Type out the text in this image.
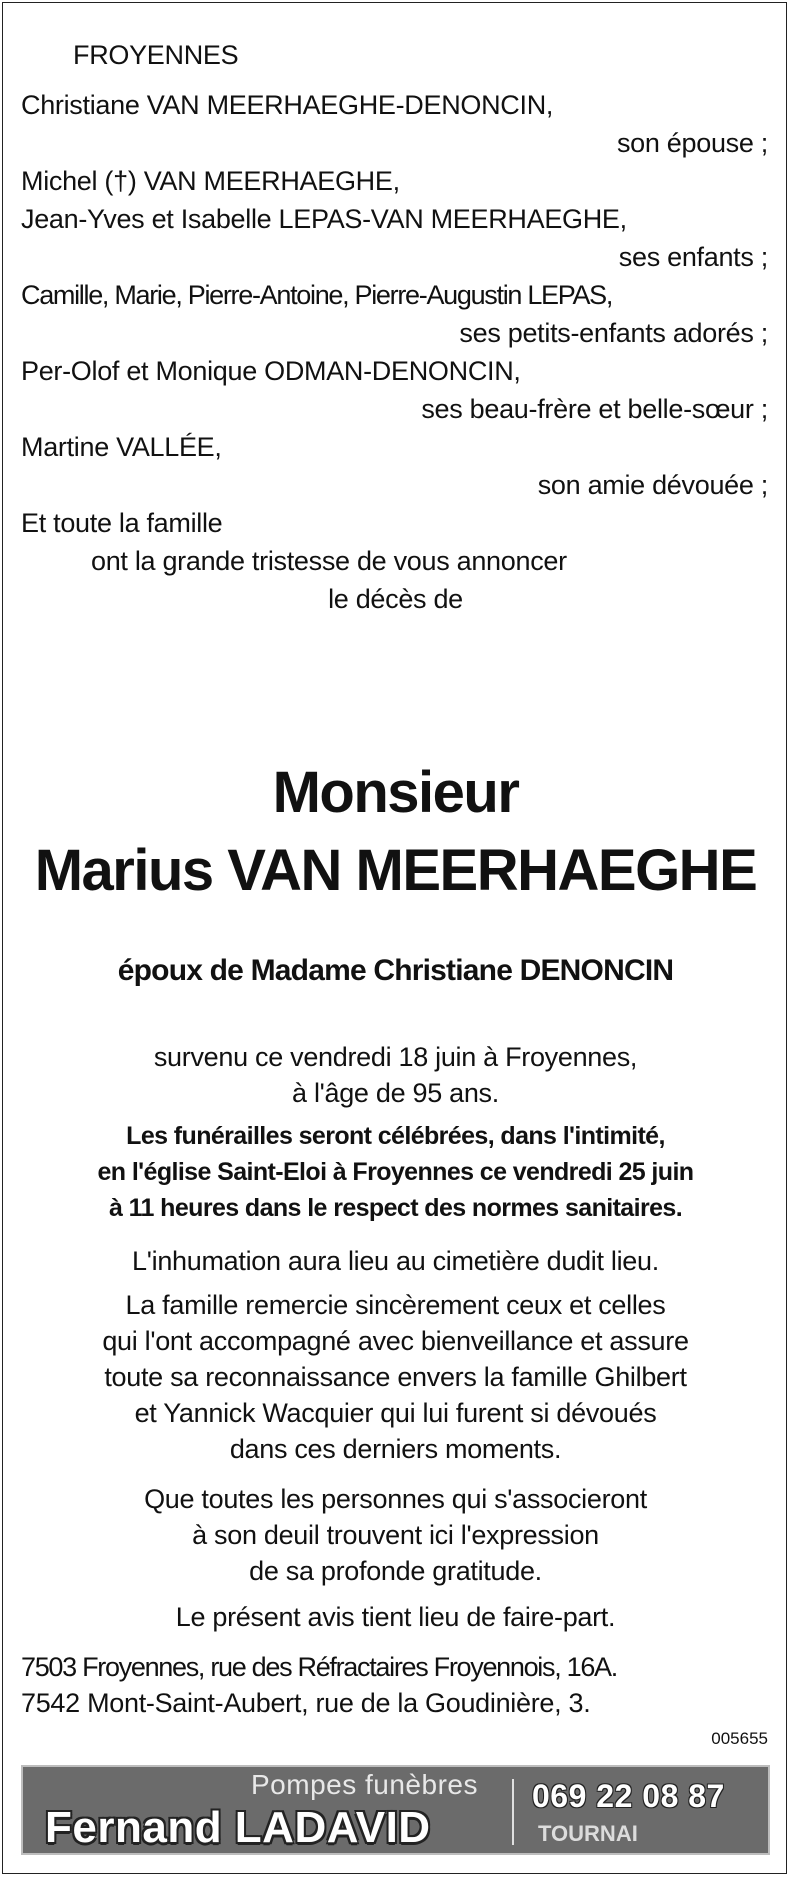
FROYENNES
Christiane VAN MEERHAEGHE-DENONCIN,
son épouse ;
Michel (†) VAN MEERHAEGHE,
Jean-Yves et Isabelle LEPAS-VAN MEERHAEGHE,
ses enfants ;
Camille, Marie, Pierre-Antoine, Pierre-Augustin LEPAS,
ses petits-enfants adorés ;
Per-Olof et Monique ODMAN-DENONCIN,
ses beau-frère et belle-sœur ;
Martine VALLÉE,
son amie dévouée ;
Et toute la famille
ont la grande tristesse de vous annoncer
le décès de
Monsieur
Marius VAN MEERHAEGHE
époux de Madame Christiane DENONCIN
survenu ce vendredi 18 juin à Froyennes,
à l'âge de 95 ans.
Les funérailles seront célébrées, dans l'intimité,
en l'église Saint-Eloi à Froyennes ce vendredi 25 juin
à 11 heures dans le respect des normes sanitaires.
L'inhumation aura lieu au cimetière dudit lieu.
La famille remercie sincèrement ceux et celles
qui l'ont accompagné avec bienveillance et assure
toute sa reconnaissance envers la famille Ghilbert
et Yannick Wacquier qui lui furent si dévoués
dans ces derniers moments.
Que toutes les personnes qui s'associeront
à son deuil trouvent ici l'expression
de sa profonde gratitude.
Le présent avis tient lieu de faire-part.
7503 Froyennes, rue des Réfractaires Froyennois, 16A.
7542 Mont-Saint-Aubert, rue de la Goudinière, 3.
005655
Pompes funèbres
Fernand LADAVID
069 22 08 87
TOURNAI
